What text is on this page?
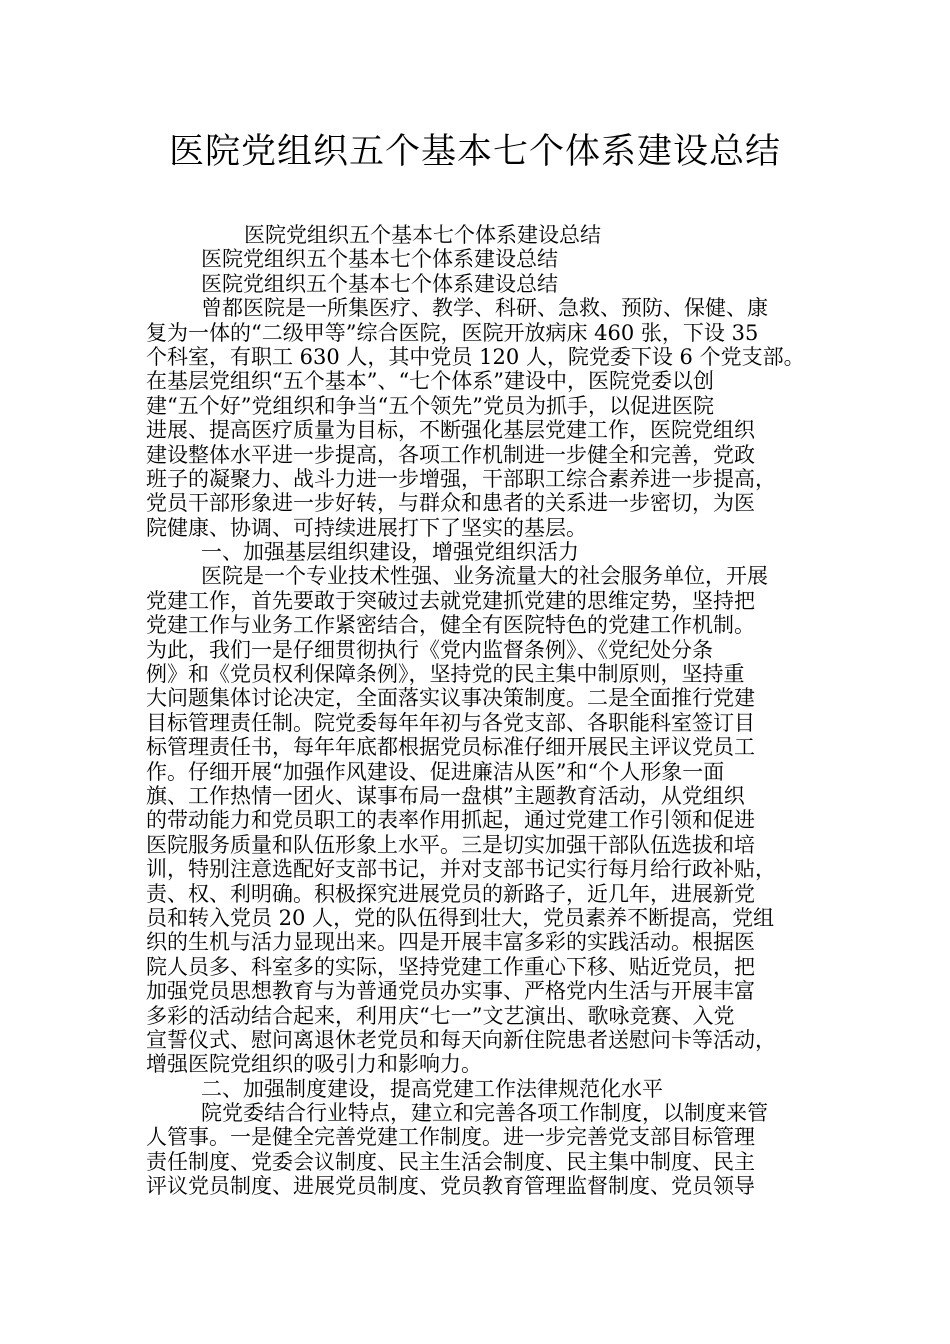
医院党组织五个基本七个体系建设总结
医院党组织五个基本七个体系建设总结
医院党组织五个基本七个体系建设总结
医院党组织五个基本七个体系建设总结
曾都医院是一所集医疗、教学、科研、急救、预防、保健、康
复为一体的“二级甲等”综合医院，医院开放病床 460 张，下设 35
个科室，有职工 630 人，其中党员 120 人，院党委下设 6 个党支部。
在基层党组织“五个基本”、“七个体系”建设中，医院党委以创
建“五个好”党组织和争当“五个领先”党员为抓手，以促进医院
进展、提高医疗质量为目标，不断强化基层党建工作，医院党组织
建设整体水平进一步提高，各项工作机制进一步健全和完善，党政
班子的凝聚力、战斗力进一步增强，干部职工综合素养进一步提高，
党员干部形象进一步好转，与群众和患者的关系进一步密切，为医
院健康、协调、可持续进展打下了坚实的基层。
一、加强基层组织建设，增强党组织活力
医院是一个专业技术性强、业务流量大的社会服务单位，开展
党建工作，首先要敢于突破过去就党建抓党建的思维定势，坚持把
党建工作与业务工作紧密结合，健全有医院特色的党建工作机制。
为此，我们一是仔细贯彻执行《党内监督条例》、《党纪处分条
例》和《党员权利保障条例》，坚持党的民主集中制原则，坚持重
大问题集体讨论决定，全面落实议事决策制度。二是全面推行党建
目标管理责任制。院党委每年年初与各党支部、各职能科室签订目
标管理责任书，每年年底都根据党员标准仔细开展民主评议党员工
作。仔细开展“加强作风建设、促进廉洁从医”和“个人形象一面
旗、工作热情一团火、谋事布局一盘棋”主题教育活动，从党组织
的带动能力和党员职工的表率作用抓起，通过党建工作引领和促进
医院服务质量和队伍形象上水平。三是切实加强干部队伍选拔和培
训，特别注意选配好支部书记，并对支部书记实行每月给行政补贴，
责、权、利明确。积极探究进展党员的新路子，近几年，进展新党
员和转入党员 20 人，党的队伍得到壮大，党员素养不断提高，党组
织的生机与活力显现出来。四是开展丰富多彩的实践活动。根据医
院人员多、科室多的实际，坚持党建工作重心下移、贴近党员，把
加强党员思想教育与为普通党员办实事、严格党内生活与开展丰富
多彩的活动结合起来，利用庆“七一”文艺演出、歌咏竞赛、入党
宣誓仪式、慰问离退休老党员和每天向新住院患者送慰问卡等活动，
增强医院党组织的吸引力和影响力。
二、加强制度建设，提高党建工作法律规范化水平
院党委结合行业特点，建立和完善各项工作制度，以制度来管
人管事。一是健全完善党建工作制度。进一步完善党支部目标管理
责任制度、党委会议制度、民主生活会制度、民主集中制度、民主
评议党员制度、进展党员制度、党员教育管理监督制度、党员领导
